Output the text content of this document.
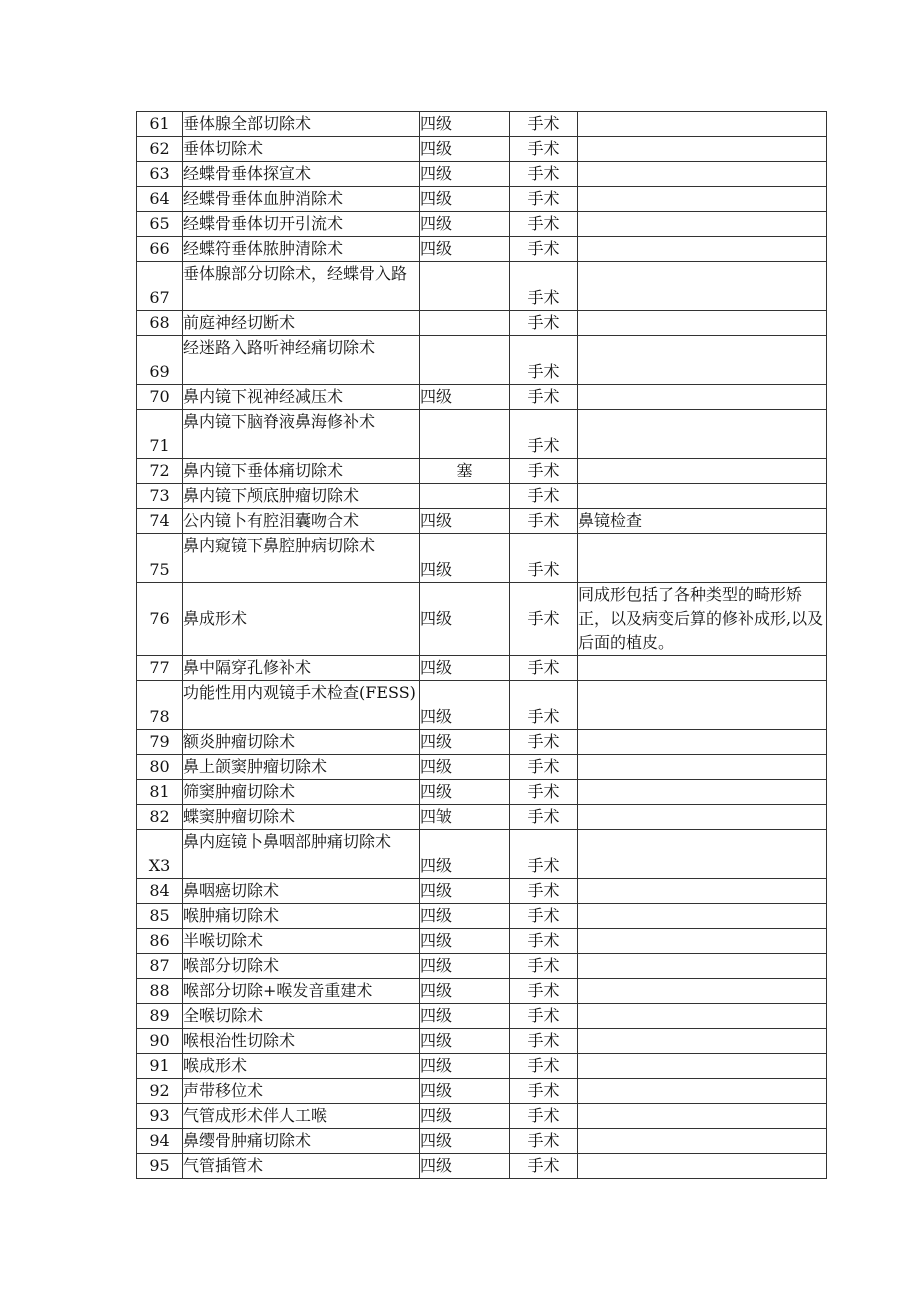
61	垂体腺全部切除术	四级	手术	
62	垂体切除术	四级	手术	
63	经蝶骨垂体探宣术	四级	手术	
64	经蝶骨垂体血肿消除术	四级	手术	
65	经蝶骨垂体切开引流术	四级	手术	
66	经蝶符垂体脓肿清除术	四级	手术	
67	垂体腺部分切除术，经蝶骨入路		手术	
68	前庭神经切断术		手术	
69	经迷路入路听神经痛切除术		手术	
70	鼻内镜下视神经减压术	四级	手术	
71	鼻内镜下脑脊液鼻海修补术		手术	
72	鼻内镜下垂体痛切除术	塞	手术	
73	鼻内镜下颅底肿瘤切除术		手术	
74	公内镜卜有腔泪囊吻合术	四级	手术	鼻镜检查
75	鼻内窥镜下鼻腔肿病切除术	四级	手术	
76	鼻成形术	四级	手术	同成形包括了各种类型的畸形矫正，以及病变后算的修补成形,以及后面的植皮。
77	鼻中隔穿孔修补术	四级	手术	
78	功能性用内观镜手术检查(FESS)	四级	手术	
79	额炎肿瘤切除术	四级	手术	
80	鼻上颌窦肿瘤切除术	四级	手术	
81	筛窦肿瘤切除术	四级	手术	
82	蝶窦肿瘤切除术	四皱	手术	
X3	鼻内庭镜卜鼻咽部肿痛切除术	四级	手术	
84	鼻咽癌切除术	四级	手术	
85	喉肿痛切除术	四级	手术	
86	半喉切除术	四级	手术	
87	喉部分切除术	四级	手术	
88	喉部分切除+喉发音重建术	四级	手术	
89	全喉切除术	四级	手术	
90	喉根治性切除术	四级	手术	
91	喉成形术	四级	手术	
92	声带移位术	四级	手术	
93	气管成形术伴人工喉	四级	手术	
94	鼻缨骨肿痛切除术	四级	手术	
95	气管插管术	四级	手术	
